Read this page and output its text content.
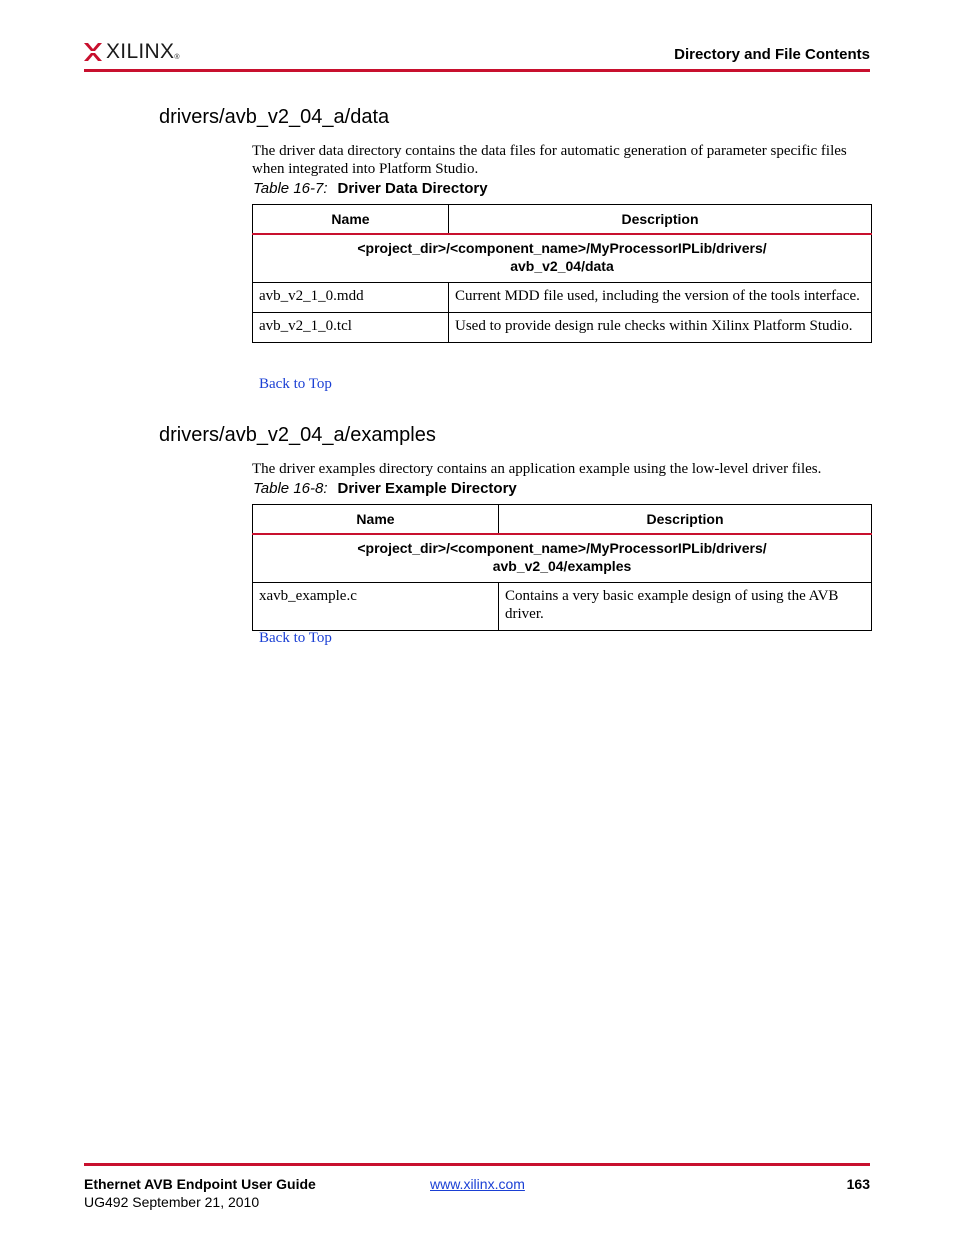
XILINX®	Directory and File Contents
drivers/avb_v2_04_a/data

The driver data directory contains the data files for automatic generation of parameter specific files when integrated into Platform Studio.

Table 16-7: Driver Data Directory
Name	Description

<project_dir>/<component_name>/MyProcessorIPLib/drivers/
avb_v2_04/data	

avb_v2_1_0.mdd	Current MDD file used, including the version of the tools interface.
avb_v2_1_0.tcl	Used to provide design rule checks within Xilinx Platform Studio.
Back to Top
drivers/avb_v2_04_a/examples

The driver examples directory contains an application example using the low-level driver files.

Table 16-8: Driver Example Directory
Name	Description

<project_dir>/<component_name>/MyProcessorIPLib/drivers/
avb_v2_04/examples	

xavb_example.c	Contains a very basic example design of using the AVB driver.
Back to Top
Ethernet AVB Endpoint User Guide
UG492 September 21, 2010
www.xilinx.com	163
